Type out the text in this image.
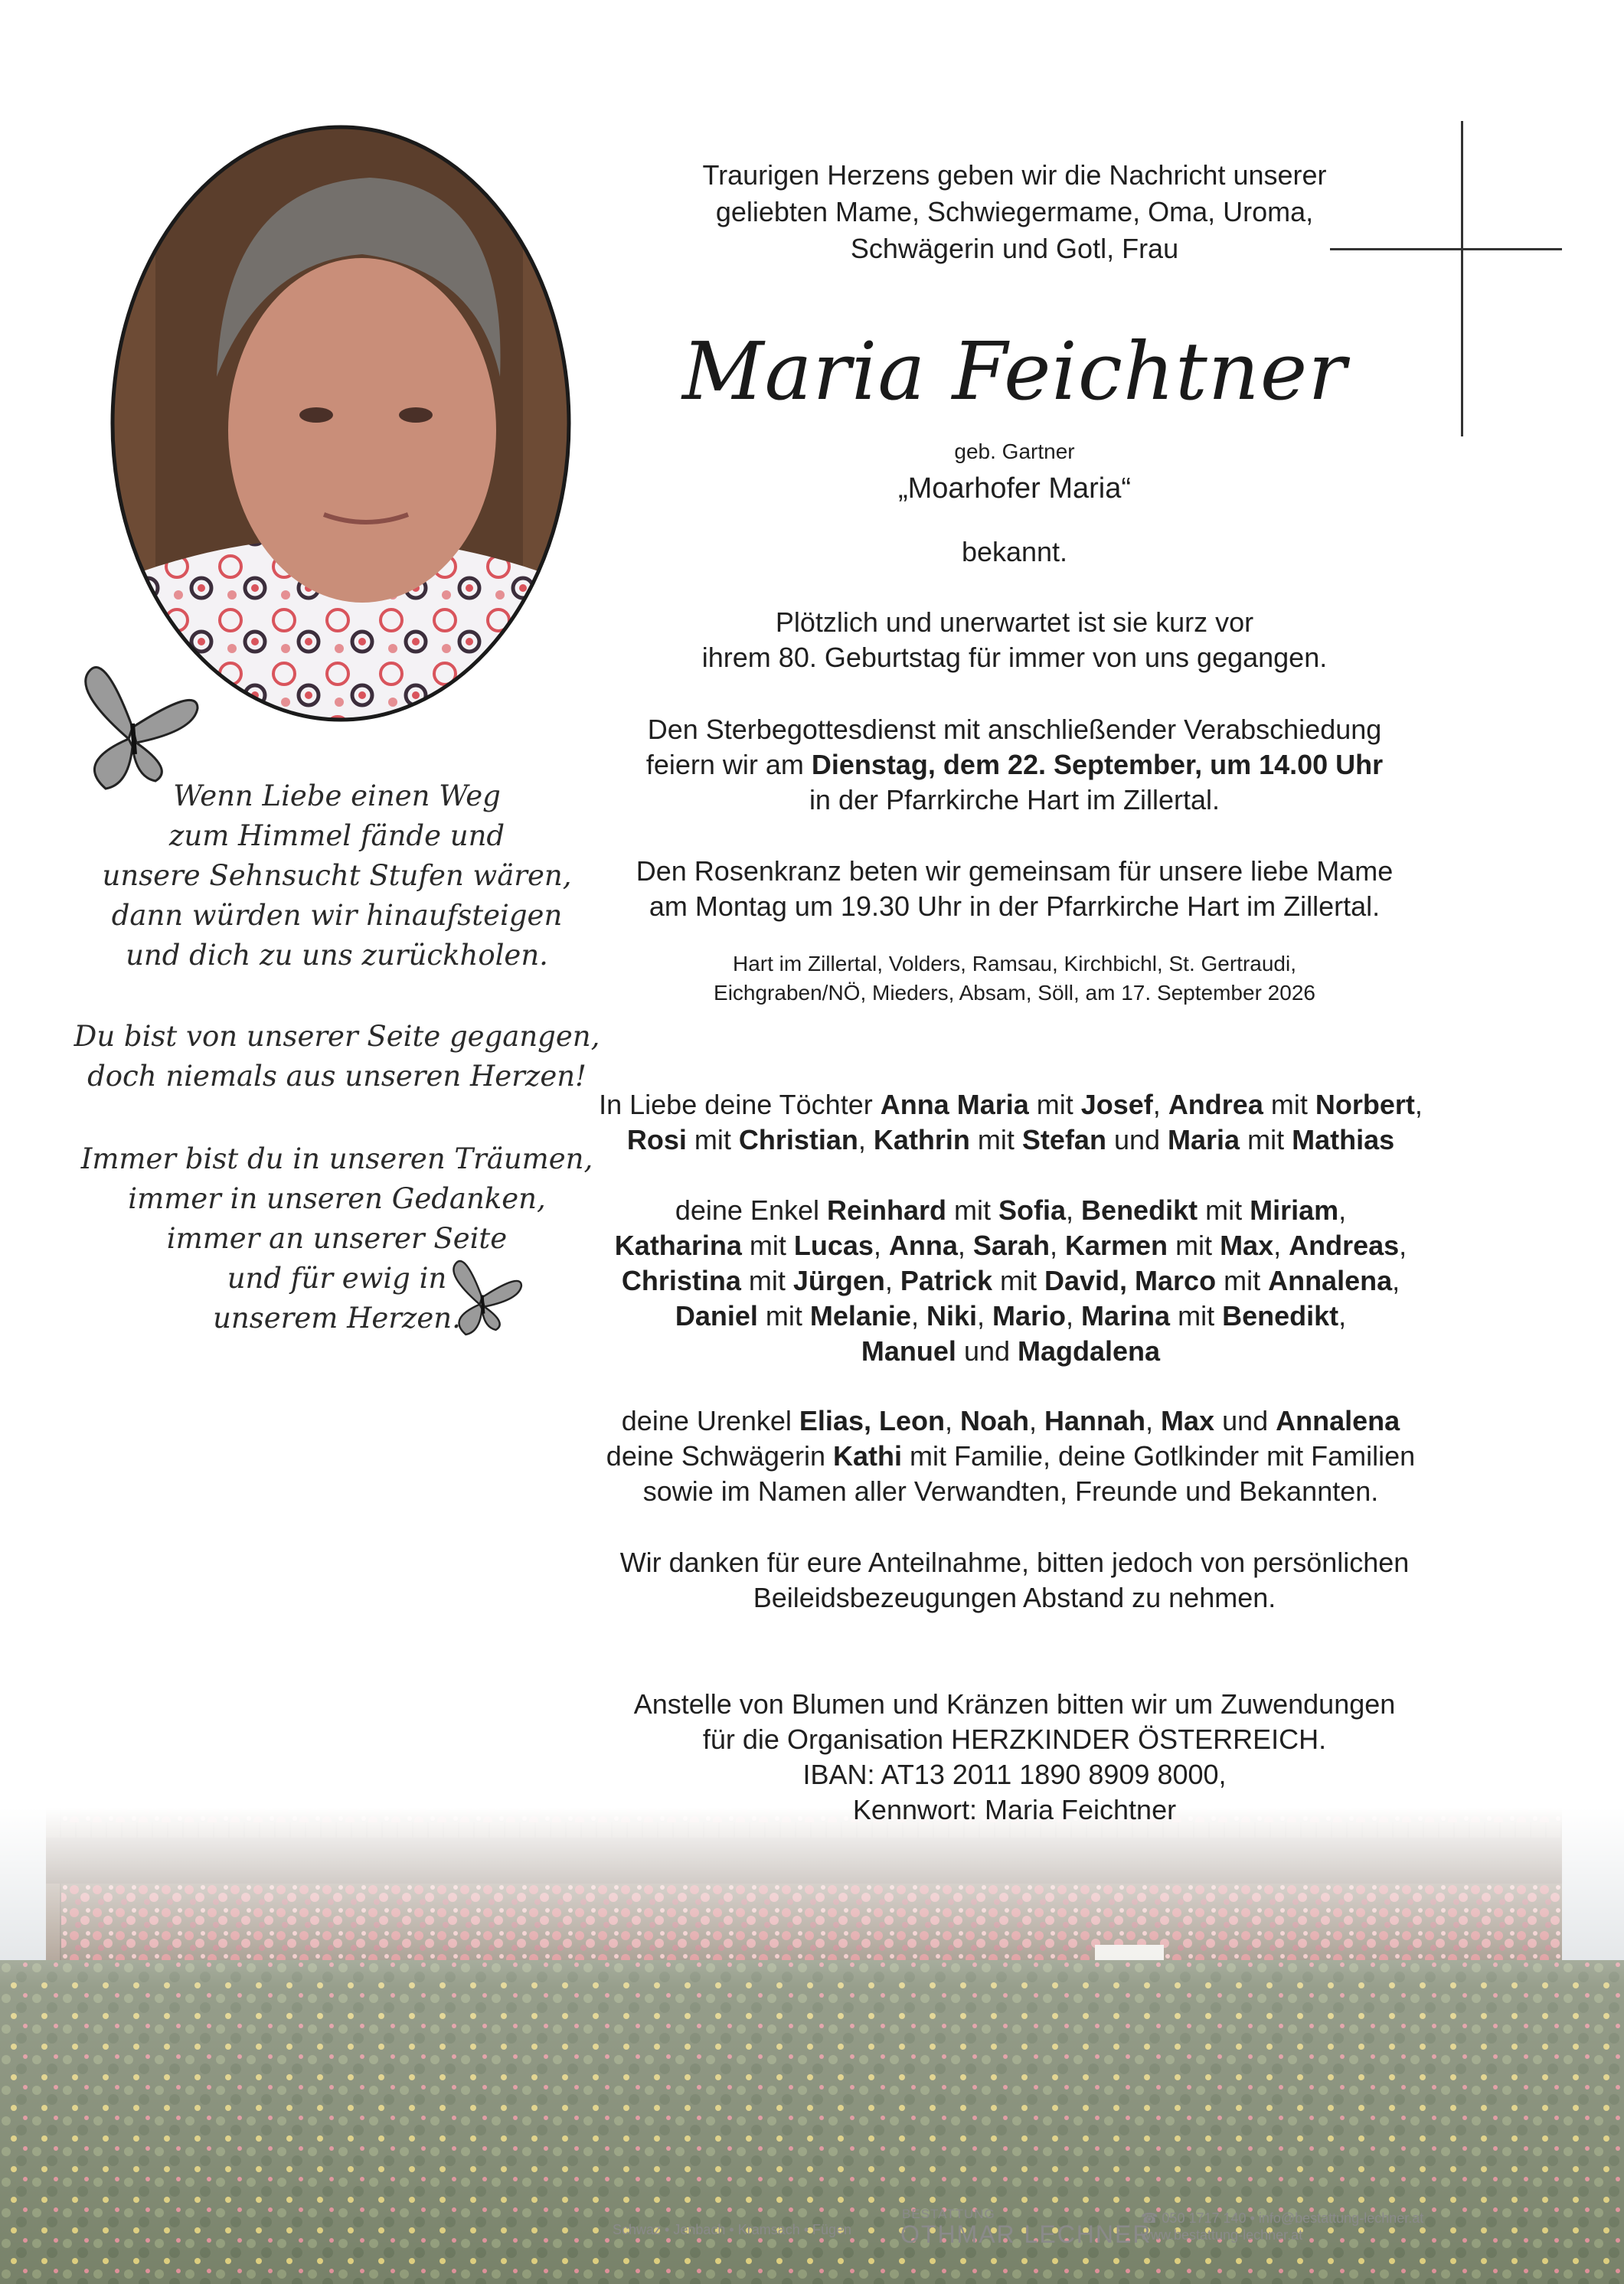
Traurigen Herzens geben wir die Nachricht unserer
geliebten Mame, Schwiegermame, Oma, Uroma,
Schwägerin und Gotl, Frau
Maria Feichtner
geb. Gartner
„Moarhofer Maria“
bekannt.
Plötzlich und unerwartet ist sie kurz vor
ihrem 80. Geburtstag für immer von uns gegangen.
Den Sterbegottesdienst mit anschließender Verabschiedung
feiern wir am Dienstag, dem 22. September, um 14.00 Uhr
in der Pfarrkirche Hart im Zillertal.
Den Rosenkranz beten wir gemeinsam für unsere liebe Mame
am Montag um 19.30 Uhr in der Pfarrkirche Hart im Zillertal.
Hart im Zillertal, Volders, Ramsau, Kirchbichl, St. Gertraudi,
Eichgraben/NÖ, Mieders, Absam, Söll, am 17. September 2026
In Liebe deine Töchter Anna Maria mit Josef, Andrea mit Norbert,
Rosi mit Christian, Kathrin mit Stefan und Maria mit Mathias
deine Enkel Reinhard mit Sofia, Benedikt mit Miriam,
Katharina mit Lucas, Anna, Sarah, Karmen mit Max, Andreas,
Christina mit Jürgen, Patrick mit David, Marco mit Annalena,
Daniel mit Melanie, Niki, Mario, Marina mit Benedikt,
Manuel und Magdalena
deine Urenkel Elias, Leon, Noah, Hannah, Max und Annalena
deine Schwägerin Kathi mit Familie, deine Gotlkinder mit Familien
sowie im Namen aller Verwandten, Freunde und Bekannten.
Wir danken für eure Anteilnahme, bitten jedoch von persönlichen
Beileidsbezeugungen Abstand zu nehmen.
Anstelle von Blumen und Kränzen bitten wir um Zuwendungen
für die Organisation HERZKINDER ÖSTERREICH.
IBAN: AT13 2011 1890 8909 8000,
Kennwort: Maria Feichtner
Wenn Liebe einen Weg
zum Himmel fände und
unsere Sehnsucht Stufen wären,
dann würden wir hinaufsteigen
und dich zu uns zurückholen.
Du bist von unserer Seite gegangen,
doch niemals aus unseren Herzen!
Immer bist du in unseren Träumen,
immer in unseren Gedanken,
immer an unserer Seite
und für ewig in
unserem Herzen.
Schwaz • Jenbach • Kramsach • Fügen
BESTATTUNG
OTHMAR LECHNER
☎ 050 1717 140 • info@bestattung-lechner.at
www.bestattung-lechner.at
